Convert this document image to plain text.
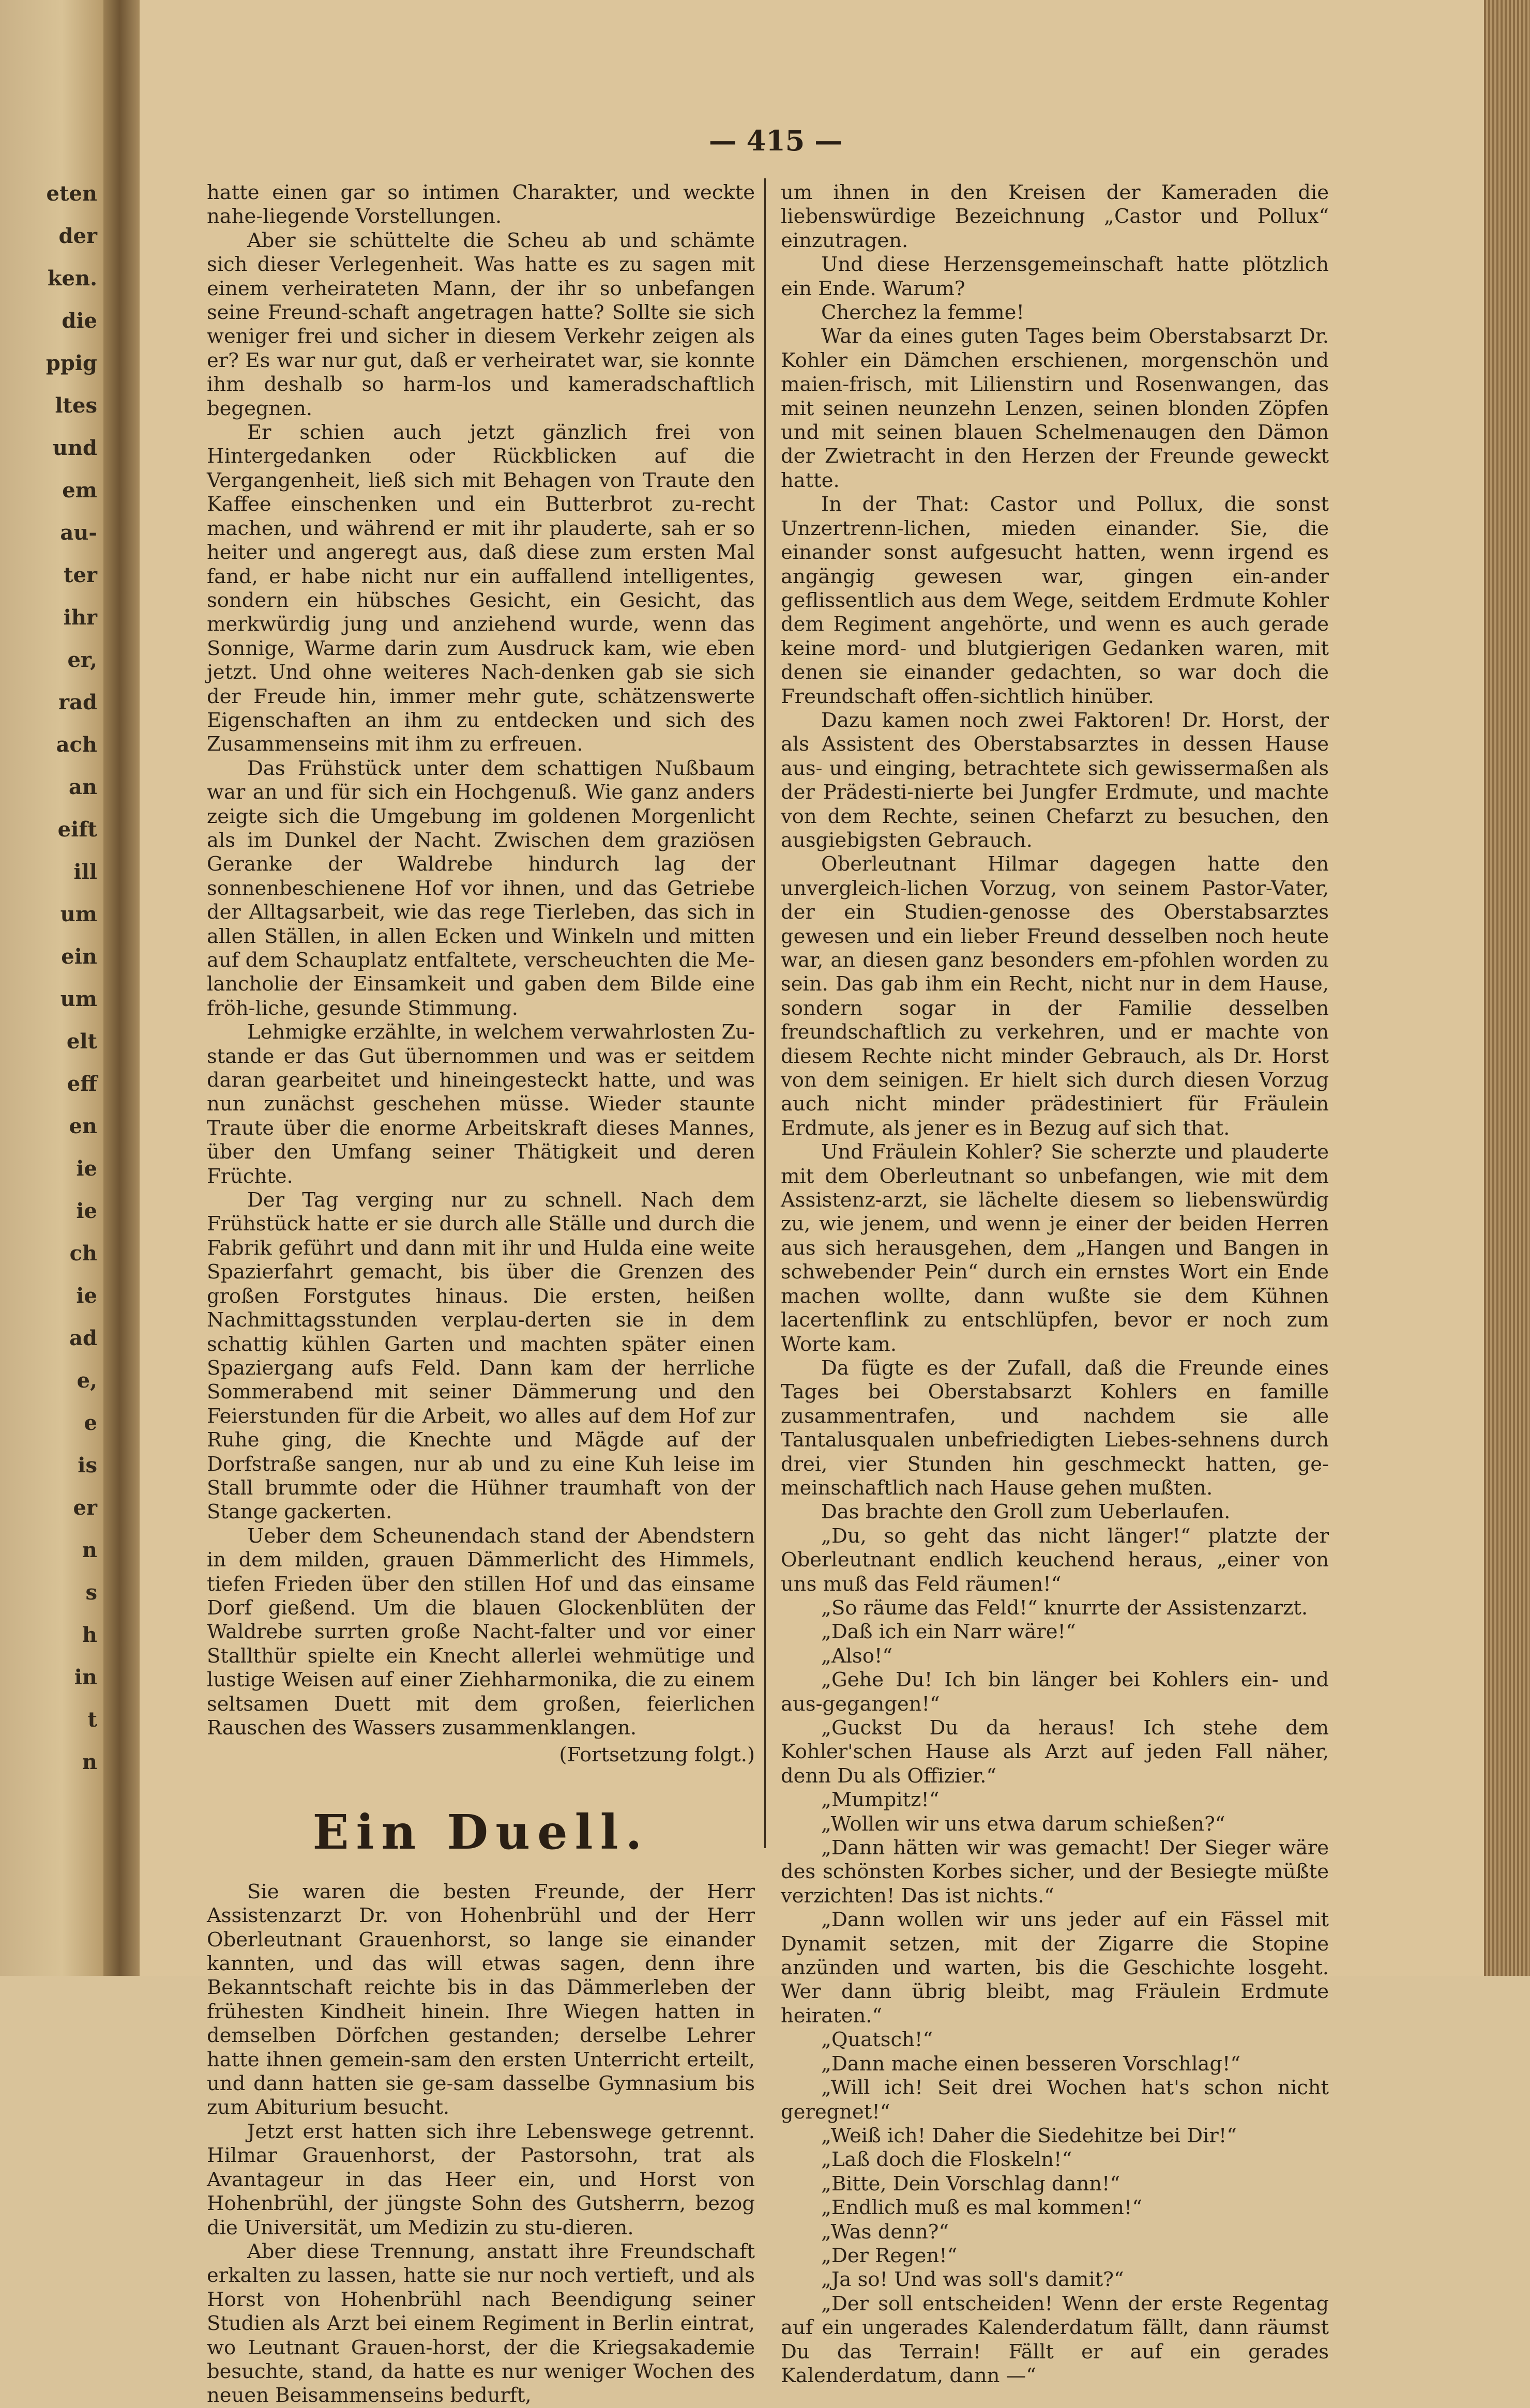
eten
der
ken.
die
ppig
ltes
und
em
au-
ter
ihr
er,
rad
ach
an
eift
ill
um
ein
um
elt
eff
en
ie
ie
ch
ie
ad
e,
e
is
er
n
s
h
in
t
n
— 415 —

hatte einen gar so intimen Charakter, und weckte nahe-liegende Vorstellungen.

Aber sie schüttelte die Scheu ab und schämte sich dieser Verlegenheit. Was hatte es zu sagen mit einem verheirateten Mann, der ihr so unbefangen seine Freund-schaft angetragen hatte? Sollte sie sich weniger frei und sicher in diesem Verkehr zeigen als er? Es war nur gut, daß er verheiratet war, sie konnte ihm deshalb so harm-los und kameradschaftlich begegnen.

Er schien auch jetzt gänzlich frei von Hintergedanken oder Rückblicken auf die Vergangenheit, ließ sich mit Behagen von Traute den Kaffee einschenken und ein Butterbrot zu-recht machen, und während er mit ihr plauderte, sah er so heiter und angeregt aus, daß diese zum ersten Mal fand, er habe nicht nur ein auffallend intelligentes, sondern ein hübsches Gesicht, ein Gesicht, das merkwürdig jung und anziehend wurde, wenn das Sonnige, Warme darin zum Ausdruck kam, wie eben jetzt. Und ohne weiteres Nach-denken gab sie sich der Freude hin, immer mehr gute, schätzenswerte Eigenschaften an ihm zu entdecken und sich des Zusammenseins mit ihm zu erfreuen.

Das Frühstück unter dem schattigen Nußbaum war an und für sich ein Hochgenuß. Wie ganz anders zeigte sich die Umgebung im goldenen Morgenlicht als im Dunkel der Nacht. Zwischen dem graziösen Geranke der Waldrebe hindurch lag der sonnenbeschienene Hof vor ihnen, und das Getriebe der Alltagsarbeit, wie das rege Tierleben, das sich in allen Ställen, in allen Ecken und Winkeln und mitten auf dem Schauplatz entfaltete, verscheuchten die Me-lancholie der Einsamkeit und gaben dem Bilde eine fröh-liche, gesunde Stimmung.

Lehmigke erzählte, in welchem verwahrlosten Zu-stande er das Gut übernommen und was er seitdem daran gearbeitet und hineingesteckt hatte, und was nun zunächst geschehen müsse. Wieder staunte Traute über die enorme Arbeitskraft dieses Mannes, über den Umfang seiner Thätigkeit und deren Früchte.

Der Tag verging nur zu schnell. Nach dem Frühstück hatte er sie durch alle Ställe und durch die Fabrik geführt und dann mit ihr und Hulda eine weite Spazierfahrt gemacht, bis über die Grenzen des großen Forstgutes hinaus. Die ersten, heißen Nachmittagsstunden verplau-derten sie in dem schattig kühlen Garten und machten später einen Spaziergang aufs Feld. Dann kam der herrliche Sommerabend mit seiner Dämmerung und den Feierstunden für die Arbeit, wo alles auf dem Hof zur Ruhe ging, die Knechte und Mägde auf der Dorfstraße sangen, nur ab und zu eine Kuh leise im Stall brummte oder die Hühner traumhaft von der Stange gackerten.

Ueber dem Scheunendach stand der Abendstern in dem milden, grauen Dämmerlicht des Himmels, tiefen Frieden über den stillen Hof und das einsame Dorf gießend. Um die blauen Glockenblüten der Waldrebe surrten große Nacht-falter und vor einer Stallthür spielte ein Knecht allerlei wehmütige und lustige Weisen auf einer Ziehharmonika, die zu einem seltsamen Duett mit dem großen, feierlichen Rauschen des Wassers zusammenklangen.

(Fortsetzung folgt.)

Ein Duell.

Sie waren die besten Freunde, der Herr Assistenzarzt Dr. von Hohenbrühl und der Herr Oberleutnant Grauenhorst, so lange sie einander kannten, und das will etwas sagen, denn ihre Bekanntschaft reichte bis in das Dämmerleben der frühesten Kindheit hinein. Ihre Wiegen hatten in demselben Dörfchen gestanden; derselbe Lehrer hatte ihnen gemein-sam den ersten Unterricht erteilt, und dann hatten sie ge-sam dasselbe Gymnasium bis zum Abiturium besucht.

Jetzt erst hatten sich ihre Lebenswege getrennt. Hilmar Grauenhorst, der Pastorsohn, trat als Avantageur in das Heer ein, und Horst von Hohenbrühl, der jüngste Sohn des Gutsherrn, bezog die Universität, um Medizin zu stu-dieren.

Aber diese Trennung, anstatt ihre Freundschaft erkalten zu lassen, hatte sie nur noch vertieft, und als Horst von Hohenbrühl nach Beendigung seiner Studien als Arzt bei einem Regiment in Berlin eintrat, wo Leutnant Grauen-horst, der die Kriegsakademie besuchte, stand, da hatte es nur weniger Wochen des neuen Beisammenseins bedurft,

um ihnen in den Kreisen der Kameraden die liebenswürdige Bezeichnung „Castor und Pollux“ einzutragen.

Und diese Herzensgemeinschaft hatte plötzlich ein Ende. Warum?

Cherchez la femme!

War da eines guten Tages beim Oberstabsarzt Dr. Kohler ein Dämchen erschienen, morgenschön und maien-frisch, mit Lilienstirn und Rosenwangen, das mit seinen neunzehn Lenzen, seinen blonden Zöpfen und mit seinen blauen Schelmenaugen den Dämon der Zwietracht in den Herzen der Freunde geweckt hatte.

In der That: Castor und Pollux, die sonst Unzertrenn-lichen, mieden einander. Sie, die einander sonst aufgesucht hatten, wenn irgend es angängig gewesen war, gingen ein-ander geflissentlich aus dem Wege, seitdem Erdmute Kohler dem Regiment angehörte, und wenn es auch gerade keine mord- und blutgierigen Gedanken waren, mit denen sie einander gedachten, so war doch die Freundschaft offen-sichtlich hinüber.

Dazu kamen noch zwei Faktoren! Dr. Horst, der als Assistent des Oberstabsarztes in dessen Hause aus- und einging, betrachtete sich gewissermaßen als der Prädesti-nierte bei Jungfer Erdmute, und machte von dem Rechte, seinen Chefarzt zu besuchen, den ausgiebigsten Gebrauch.

Oberleutnant Hilmar dagegen hatte den unvergleich-lichen Vorzug, von seinem Pastor-Vater, der ein Studien-genosse des Oberstabsarztes gewesen und ein lieber Freund desselben noch heute war, an diesen ganz besonders em-pfohlen worden zu sein. Das gab ihm ein Recht, nicht nur in dem Hause, sondern sogar in der Familie desselben freundschaftlich zu verkehren, und er machte von diesem Rechte nicht minder Gebrauch, als Dr. Horst von dem seinigen. Er hielt sich durch diesen Vorzug auch nicht minder prädestiniert für Fräulein Erdmute, als jener es in Bezug auf sich that.

Und Fräulein Kohler? Sie scherzte und plauderte mit dem Oberleutnant so unbefangen, wie mit dem Assistenz-arzt, sie lächelte diesem so liebenswürdig zu, wie jenem, und wenn je einer der beiden Herren aus sich herausgehen, dem „Hangen und Bangen in schwebender Pein“ durch ein ernstes Wort ein Ende machen wollte, dann wußte sie dem Kühnen lacertenflink zu entschlüpfen, bevor er noch zum Worte kam.

Da fügte es der Zufall, daß die Freunde eines Tages bei Oberstabsarzt Kohlers en famille zusammentrafen, und nachdem sie alle Tantalusqualen unbefriedigten Liebes-sehnens durch drei, vier Stunden hin geschmeckt hatten, ge-meinschaftlich nach Hause gehen mußten.

Das brachte den Groll zum Ueberlaufen.

„Du, so geht das nicht länger!“ platzte der Oberleutnant endlich keuchend heraus, „einer von uns muß das Feld räumen!“

„So räume das Feld!“ knurrte der Assistenzarzt.

„Daß ich ein Narr wäre!“

„Also!“

„Gehe Du! Ich bin länger bei Kohlers ein- und aus-gegangen!“

„Guckst Du da heraus! Ich stehe dem Kohler'schen Hause als Arzt auf jeden Fall näher, denn Du als Offizier.“

„Mumpitz!“

„Wollen wir uns etwa darum schießen?“

„Dann hätten wir was gemacht! Der Sieger wäre des schönsten Korbes sicher, und der Besiegte müßte verzichten! Das ist nichts.“

„Dann wollen wir uns jeder auf ein Fässel mit Dynamit setzen, mit der Zigarre die Stopine anzünden und warten, bis die Geschichte losgeht. Wer dann übrig bleibt, mag Fräulein Erdmute heiraten.“

„Quatsch!“

„Dann mache einen besseren Vorschlag!“

„Will ich! Seit drei Wochen hat's schon nicht geregnet!“

„Weiß ich! Daher die Siedehitze bei Dir!“

„Laß doch die Floskeln!“

„Bitte, Dein Vorschlag dann!“

„Endlich muß es mal kommen!“

„Was denn?“

„Der Regen!“

„Ja so! Und was soll's damit?“

„Der soll entscheiden! Wenn der erste Regentag auf ein ungerades Kalenderdatum fällt, dann räumst Du das Terrain! Fällt er auf ein gerades Kalenderdatum, dann —“
